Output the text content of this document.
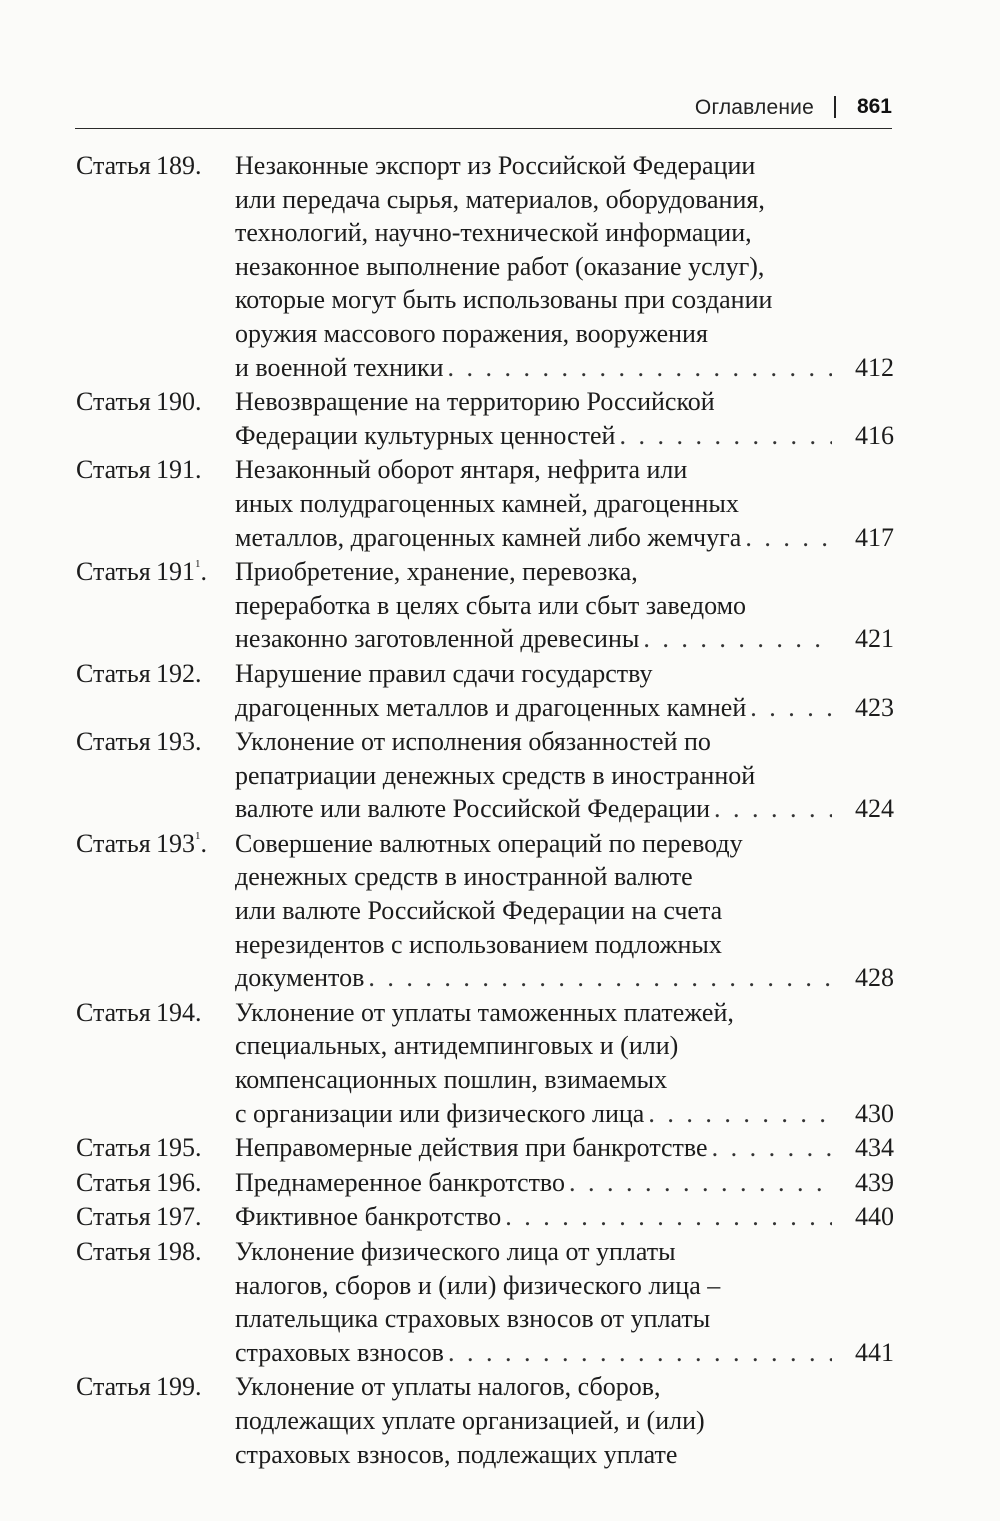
Оглавление 861
Статья 189. Незаконные экспорт из Российской Федерации
или передача сырья, материалов, оборудования,
технологий, научно-технической информации,
незаконное выполнение работ (оказание услуг),
которые могут быть использованы при создании
оружия массового поражения, вооружения
и военной техники . . .	412
Статья 190. Невозвращение на территорию Российской
Федерации культурных ценностей . . .	416
Статья 191. Незаконный оборот янтаря, нефрита или
иных полудрагоценных камней, драгоценных
металлов, драгоценных камней либо жемчуга . . .	417
Статья $191^1$. Приобретение, хранение, перевозка,
переработка в целях сбыта или сбыт заведомо
незаконно заготовленной древесины . . .	421
Статья 192. Нарушение правил сдачи государству
драгоценных металлов и драгоценных камней . . .	423
Статья 193. Уклонение от исполнения обязанностей по
репатриации денежных средств в иностранной
валюте или валюте Российской Федерации . . .	424
Статья $193^1$. Совершение валютных операций по переводу
денежных средств в иностранной валюте
или валюте Российской Федерации на счета
нерезидентов с использованием подложных
документов . . .	428
Статья 194. Уклонение от уплаты таможенных платежей,
специальных, антидемпинговых и (или)
компенсационных пошлин, взимаемых
с организации или физического лица . . .	430
Статья 195. Неправомерные действия при банкротстве . . .	434
Статья 196. Преднамеренное банкротство . . .	439
Статья 197. Фиктивное банкротство . . .	440
Статья 198. Уклонение физического лица от уплаты
налогов, сборов и (или) физического лица –
плательщика страховых взносов от уплаты
страховых взносов . . .	441
Статья 199. Уклонение от уплаты налогов, сборов,
подлежащих уплате организацией, и (или)
страховых взносов, подлежащих уплате
